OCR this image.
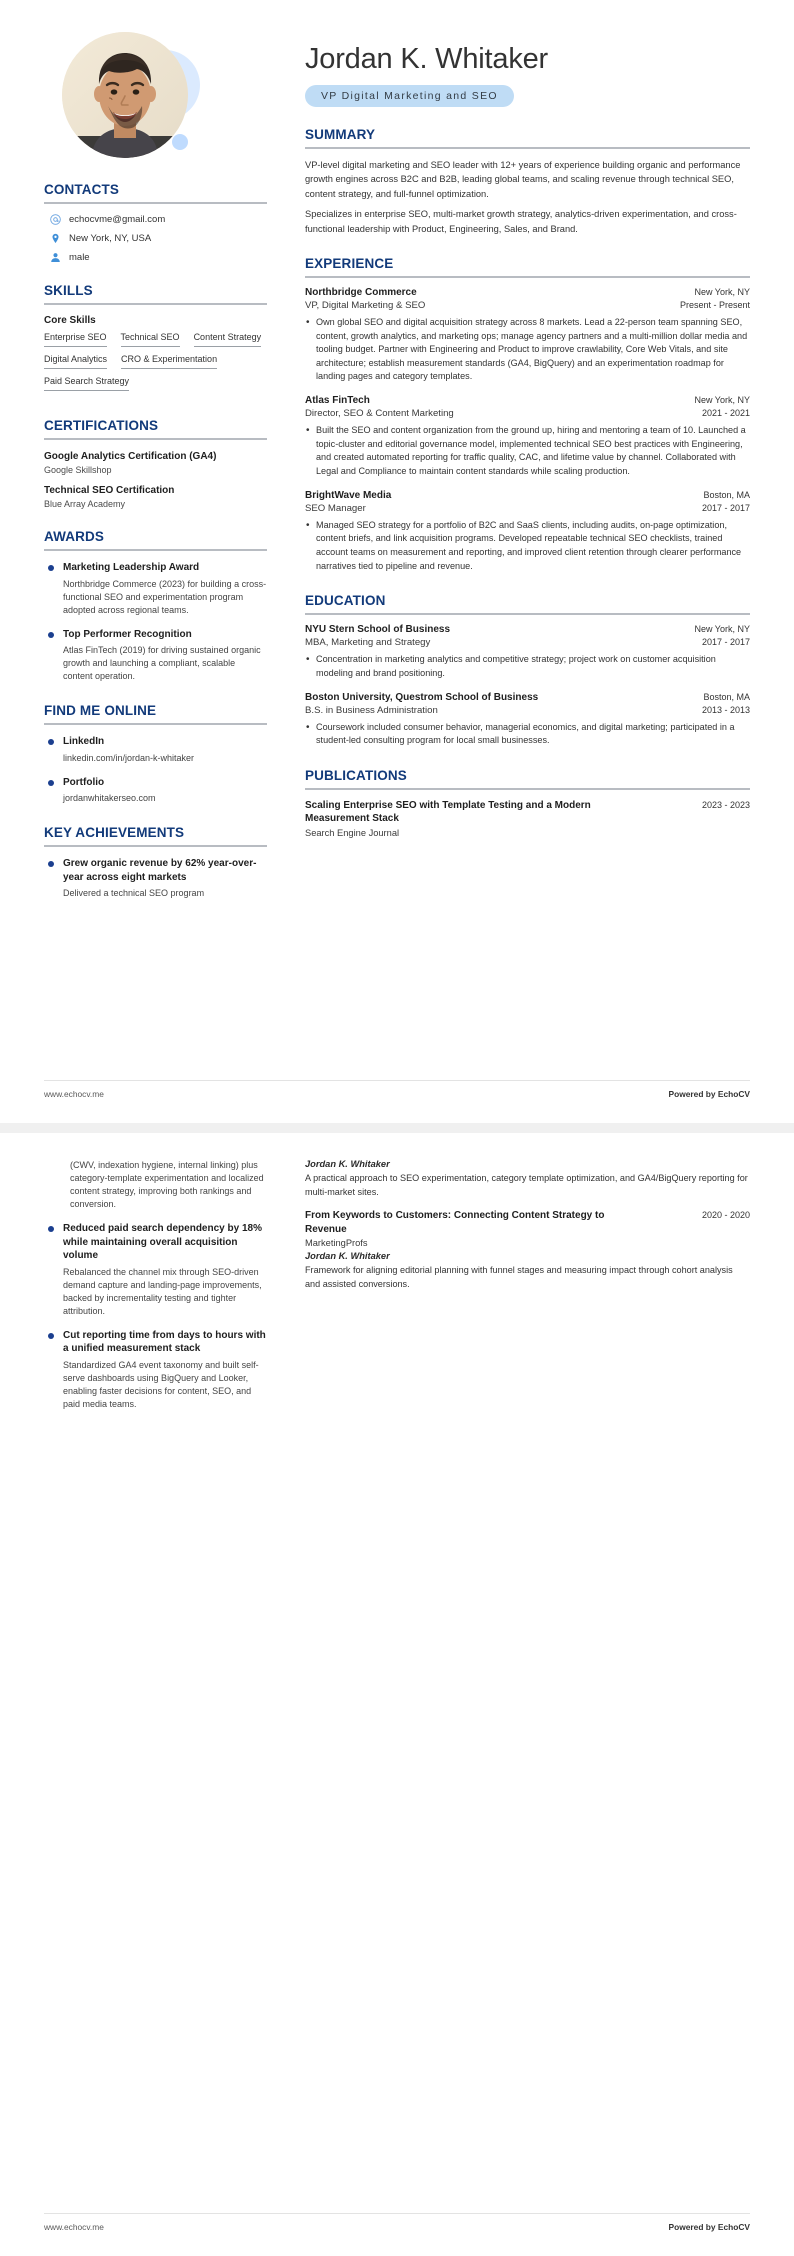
CONTACTS
echocvme@gmail.com
New York, NY, USA
male
SKILLS
Core Skills
Enterprise SEO Technical SEO Content Strategy
Digital Analytics CRO & Experimentation
Paid Search Strategy
CERTIFICATIONS
Google Analytics Certification (GA4)
Google Skillshop
Technical SEO Certification
Blue Array Academy
AWARDS
Marketing Leadership Award
Northbridge Commerce (2023) for building a cross-functional SEO and experimentation program adopted across regional teams.
Top Performer Recognition
Atlas FinTech (2019) for driving sustained organic growth and launching a compliant, scalable content operation.
FIND ME ONLINE
LinkedIn
linkedin.com/in/jordan-k-whitaker
Portfolio
jordanwhitakerseo.com
KEY ACHIEVEMENTS
Grew organic revenue by 62% year-over-year across eight markets
Delivered a technical SEO program
Jordan K. Whitaker
VP Digital Marketing and SEO
SUMMARY

VP-level digital marketing and SEO leader with 12+ years of experience building organic and performance growth engines across B2C and B2B, leading global teams, and scaling revenue through technical SEO, content strategy, and full-funnel optimization.

Specializes in enterprise SEO, multi-market growth strategy, analytics-driven experimentation, and cross-functional leadership with Product, Engineering, Sales, and Brand.

EXPERIENCE
Northbridge Commerce	New York, NY
VP, Digital Marketing & SEO	Present - Present
• Own global SEO and digital acquisition strategy across 8 markets. Lead a 22-person team spanning SEO, content, growth analytics, and marketing ops; manage agency partners and a multi-million dollar media and tooling budget. Partner with Engineering and Product to improve crawlability, Core Web Vitals, and site architecture; establish measurement standards (GA4, BigQuery) and an experimentation roadmap for landing pages and category templates.
Atlas FinTech	New York, NY
Director, SEO & Content Marketing	2021 - 2021
• Built the SEO and content organization from the ground up, hiring and mentoring a team of 10. Launched a topic-cluster and editorial governance model, implemented technical SEO best practices with Engineering, and created automated reporting for traffic quality, CAC, and lifetime value by channel. Collaborated with Legal and Compliance to maintain content standards while scaling production.
BrightWave Media	Boston, MA
SEO Manager	2017 - 2017
• Managed SEO strategy for a portfolio of B2C and SaaS clients, including audits, on-page optimization, content briefs, and link acquisition programs. Developed repeatable technical SEO checklists, trained account teams on measurement and reporting, and improved client retention through clearer performance narratives tied to pipeline and revenue.
EDUCATION
NYU Stern School of Business	New York, NY
MBA, Marketing and Strategy	2017 - 2017
• Concentration in marketing analytics and competitive strategy; project work on customer acquisition modeling and brand positioning.
Boston University, Questrom School of Business	Boston, MA
B.S. in Business Administration	2013 - 2013
• Coursework included consumer behavior, managerial economics, and digital marketing; participated in a student-led consulting program for local small businesses.
PUBLICATIONS
Scaling Enterprise SEO with Template Testing and a Modern Measurement Stack
2023 - 2023
Search Engine Journal
www.echocv.me	Powered by EchoCV
(CWV, indexation hygiene, internal linking) plus category-template experimentation and localized content strategy, improving both rankings and conversion.
Reduced paid search dependency by 18% while maintaining overall acquisition volume
Rebalanced the channel mix through SEO-driven demand capture and landing-page improvements, backed by incrementality testing and tighter attribution.
Cut reporting time from days to hours with a unified measurement stack
Standardized GA4 event taxonomy and built self-serve dashboards using BigQuery and Looker, enabling faster decisions for content, SEO, and paid media teams.
Jordan K. Whitaker
A practical approach to SEO experimentation, category template optimization, and GA4/BigQuery reporting for multi-market sites.
From Keywords to Customers: Connecting Content Strategy to Revenue
2020 - 2020
MarketingProfs
Jordan K. Whitaker
Framework for aligning editorial planning with funnel stages and measuring impact through cohort analysis and assisted conversions.
www.echocv.me	Powered by EchoCV
